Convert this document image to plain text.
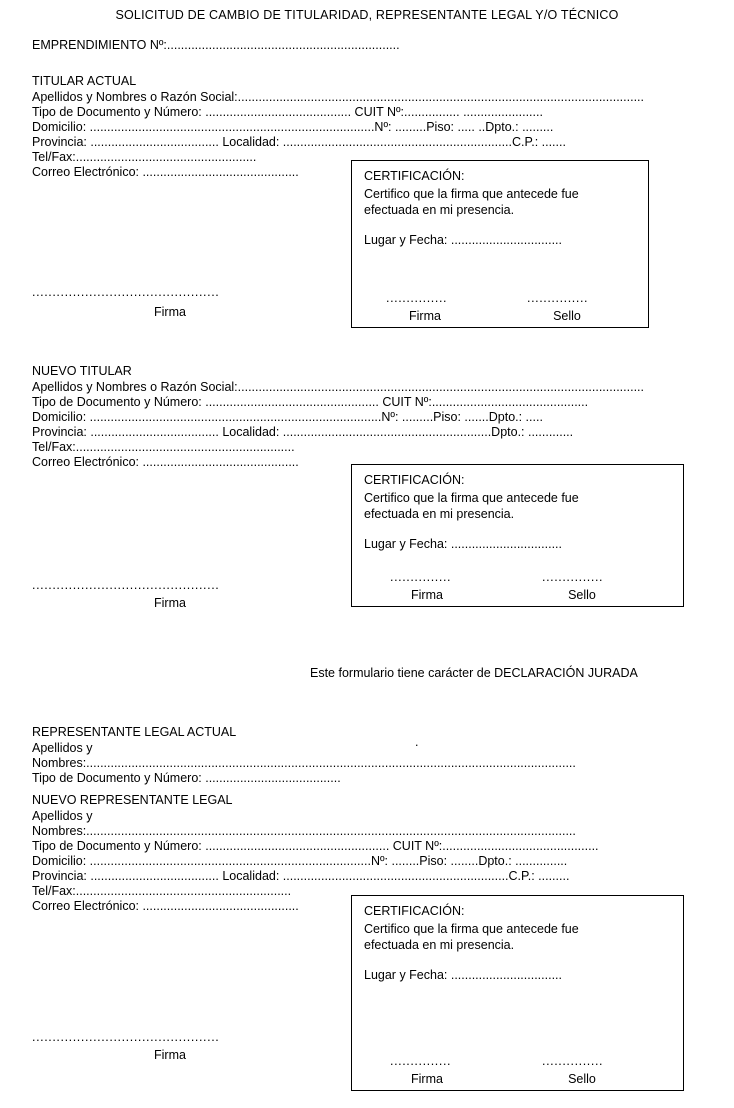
SOLICITUD DE CAMBIO DE TITULARIDAD, REPRESENTANTE LEGAL Y/O TÉCNICO
EMPRENDIMIENTO Nº:...................................................................
TITULAR ACTUAL
Apellidos y Nombres o Razón Social:.....................................................................................................................
Tipo de Documento y Número: .......................................... CUIT Nº:................ .......................
Domicilio: ..................................................................................Nº: .........Piso: ..... ..Dpto.: .........
Provincia: ..................................... Localidad: ..................................................................C.P.: .......
Tel/Fax:....................................................
Correo Electrónico: .............................................
..............................................
Firma
CERTIFICACIÓN:
Certifico que la firma que antecede fue
efectuada en mi presencia.
Lugar y Fecha: ................................
...............	...............
Firma	Sello
NUEVO TITULAR
Apellidos y Nombres o Razón Social:.....................................................................................................................
Tipo de Documento y Número: .................................................. CUIT Nº:.............................................
Domicilio: ....................................................................................Nº: .........Piso: .......Dpto.: .....
Provincia: ..................................... Localidad: ............................................................Dpto.: .............
Tel/Fax:...............................................................
Correo Electrónico: .............................................
..............................................
Firma
CERTIFICACIÓN:
Certifico que la firma que antecede fue
efectuada en mi presencia.
Lugar y Fecha: ................................
...............	...............
Firma	Sello
Este formulario tiene carácter de DECLARACIÓN JURADA
REPRESENTANTE LEGAL ACTUAL
Apellidos y
Nombres:.............................................................................................................................................
Tipo de Documento y Número: .......................................
.
NUEVO REPRESENTANTE LEGAL
Apellidos y
Nombres:.............................................................................................................................................
Tipo de Documento y Número: ..................................................... CUIT Nº:.............................................
Domicilio: .................................................................................Nº: ........Piso: ........Dpto.: ...............
Provincia: ..................................... Localidad: .................................................................C.P.: .........
Tel/Fax:..............................................................
Correo Electrónico: .............................................
..............................................
Firma
CERTIFICACIÓN:
Certifico que la firma que antecede fue
efectuada en mi presencia.
Lugar y Fecha: ................................
...............	...............
Firma	Sello
